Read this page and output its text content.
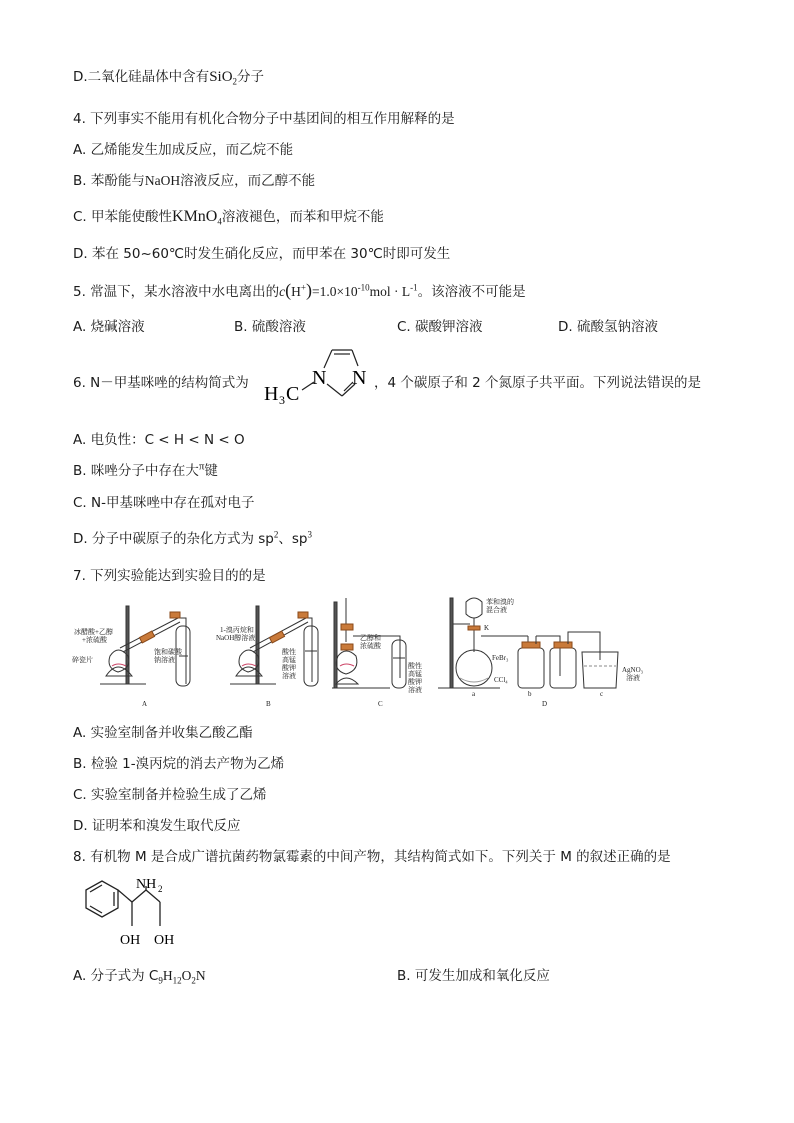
D.二氧化硅晶体中含有SiO$_2$分子
4. 下列事实不能用有机化合物分子中基团间的相互作用解释的是
A. 乙烯能发生加成反应，而乙烷不能
B. 苯酚能与NaOH溶液反应，而乙醇不能
C. 甲苯能使酸性KMnO$_4$溶液褪色，而苯和甲烷不能
D. 苯在 50~60℃时发生硝化反应，而甲苯在 30℃时即可发生
5. 常温下，某水溶液中水电离出的$c(H^+)=1.0\times 10^{-10}mol \cdot L^{-1}$。该溶液不可能是
A. 烧碱溶液	B. 硫酸溶液	C. 碳酸钾溶液	D. 硫酸氢钠溶液
6. N－甲基咪唑的结构简式为 H 3 C
N N ，4 个碳原子和 2 个氮原子共平面。下列说法错误的是
A. 电负性：C < H < N < O
B. 咪唑分子中存在大$^\pi$键
C. N-甲基咪唑中存在孤对电子
D. 分子中碳原子的杂化方式为 $sp^2$、$sp^3$
7. 下列实验能达到实验目的的是
冰醋酸+乙醇
+浓硫酸
碎瓷片
饱和碳酸
钠溶液
A
1-溴丙烷和
NaOH醇溶液
酸性
高锰
酸钾
溶液
B
乙醇和
浓硫酸
酸性
高锰
酸钾
溶液
C
苯和溴的
混合液
K
FeBr₃
CCl₄
AgNO₃
溶液
a	b	c
D
A. 实验室制备并收集乙酸乙酯
B. 检验 1-溴丙烷的消去产物为乙烯
C. 实验室制备并检验生成了乙烯
D. 证明苯和溴发生取代反应
8. 有机物 M 是合成广谱抗菌药物氯霉素的中间产物，其结构简式如下。下列关于 M 的叙述正确的是
NH 2
OH OH
A. 分子式为 $C_9H_{12}O_2N$	B. 可发生加成和氧化反应
